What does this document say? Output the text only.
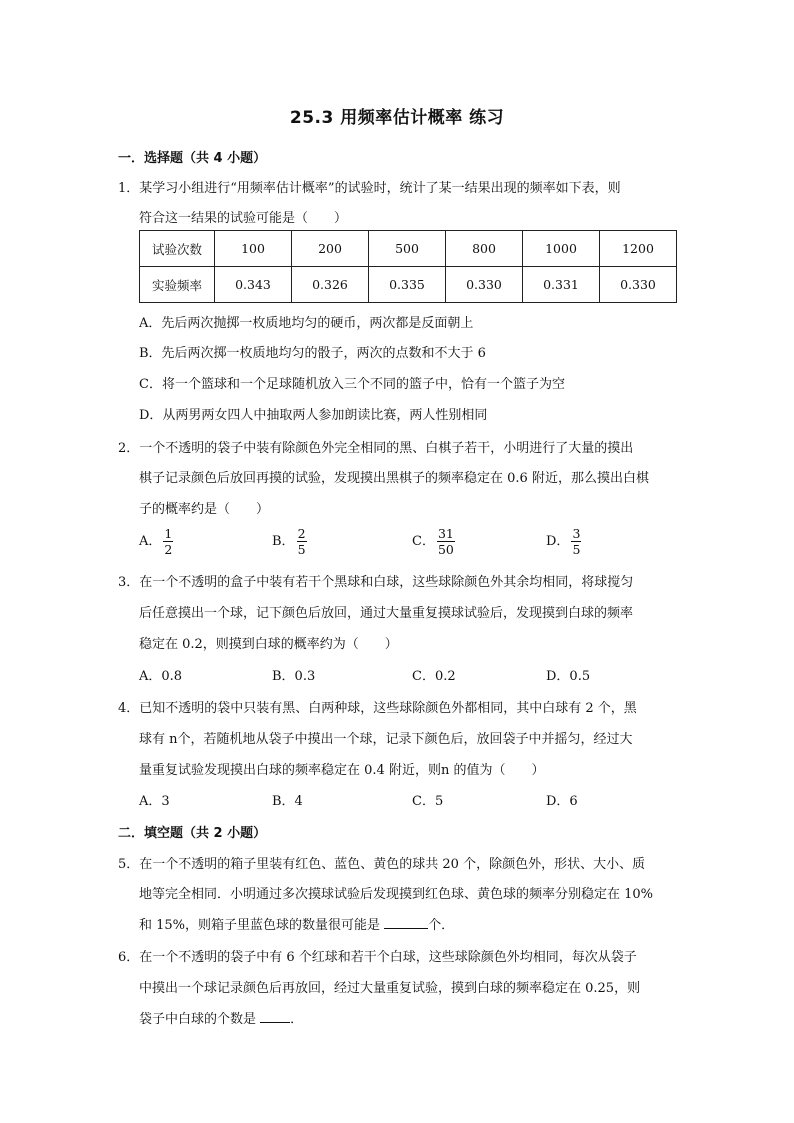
25.3 用频率估计概率 练习
一．选择题（共 4 小题）
1．某学习小组进行“用频率估计概率”的试验时，统计了某一结果出现的频率如下表，则
符合这一结果的试验可能是（　　）
试验次数	100	200	500	800	1000	1200
实验频率	0.343	0.326	0.335	0.330	0.331	0.330
A．先后两次抛掷一枚质地均匀的硬币，两次都是反面朝上
B．先后两次掷一枚质地均匀的骰子，两次的点数和不大于 6
C．将一个篮球和一个足球随机放入三个不同的篮子中，恰有一个篮子为空
D．从两男两女四人中抽取两人参加朗读比赛，两人性别相同
2．一个不透明的袋子中装有除颜色外完全相同的黑、白棋子若干，小明进行了大量的摸出
棋子记录颜色后放回再摸的试验，发现摸出黑棋子的频率稳定在 0.6 附近，那么摸出白棋
子的概率约是（　　）
A． $\frac{1}{2}$	B． $\frac{2}{5}$	C． $\frac{31}{50}$	D． $\frac{3}{5}$
3．在一个不透明的盒子中装有若干个黑球和白球，这些球除颜色外其余均相同，将球搅匀
后任意摸出一个球，记下颜色后放回，通过大量重复摸球试验后，发现摸到白球的频率
稳定在 0.2，则摸到白球的概率约为（　　）
A．0.8	B．0.3	C．0.2	D．0.5
4．已知不透明的袋中只装有黑、白两种球，这些球除颜色外都相同，其中白球有 2 个，黑
球有 n个，若随机地从袋子中摸出一个球，记录下颜色后，放回袋子中并摇匀，经过大
量重复试验发现摸出白球的频率稳定在 0.4 附近，则n 的值为（　　）
A．3	B．4	C．5	D．6
二．填空题（共 2 小题）
5．在一个不透明的箱子里装有红色、蓝色、黄色的球共 20 个，除颜色外，形状、大小、质
地等完全相同．小明通过多次摸球试验后发现摸到红色球、黄色球的频率分别稳定在 10%
和 15%，则箱子里蓝色球的数量很可能是	个．
6．在一个不透明的袋子中有 6 个红球和若干个白球，这些球除颜色外均相同，每次从袋子
中摸出一个球记录颜色后再放回，经过大量重复试验，摸到白球的频率稳定在 0.25，则
袋子中白球的个数是 ．
